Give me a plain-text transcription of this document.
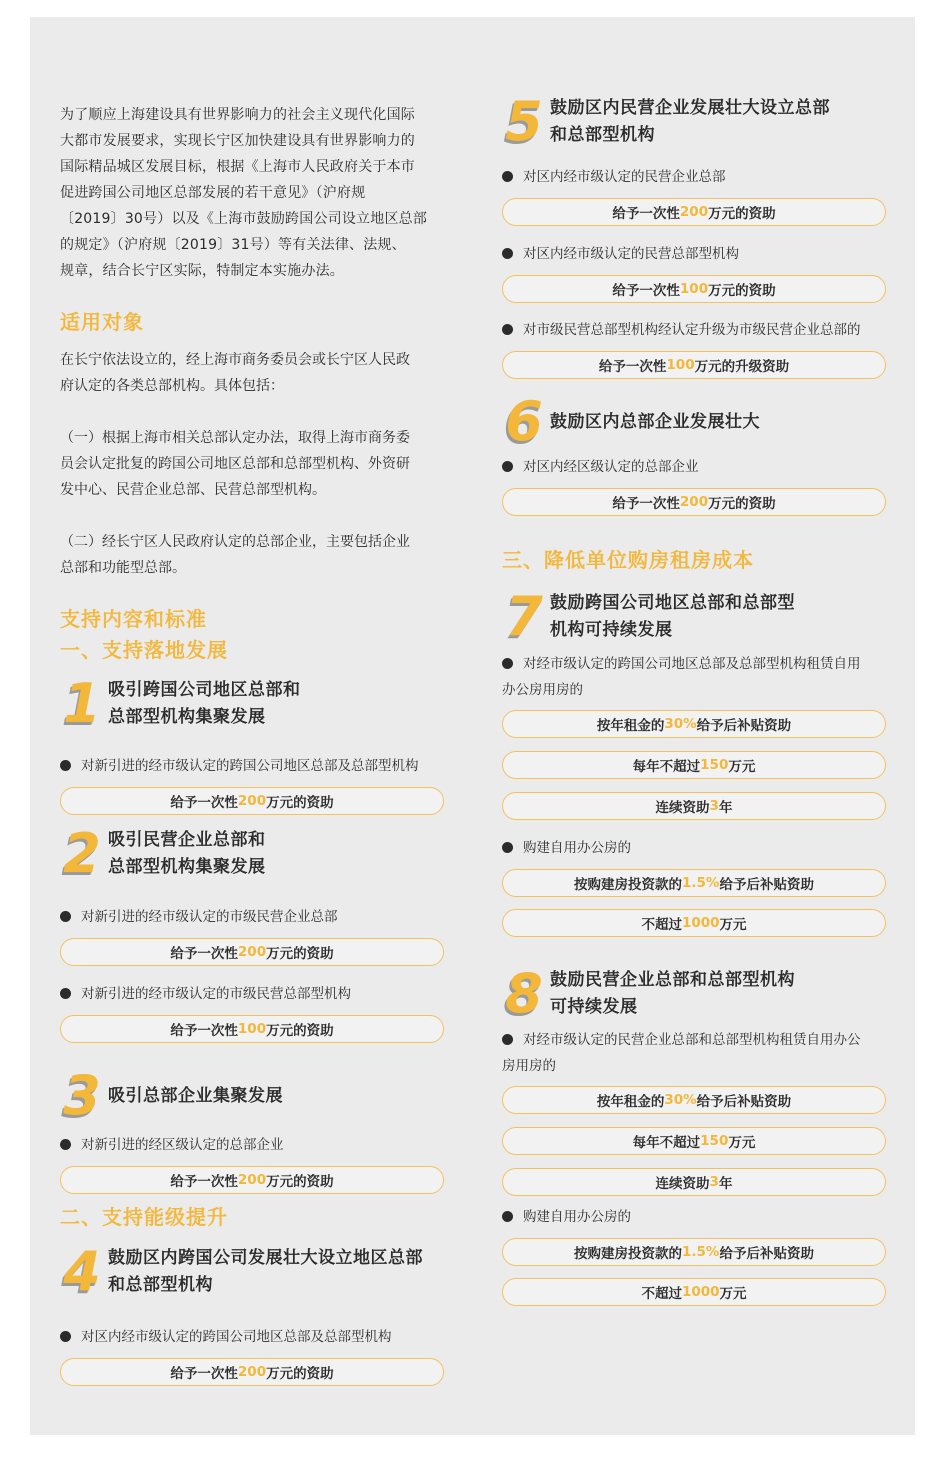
为了顺应上海建设具有世界影响力的社会主义现代化国际

大都市发展要求，实现长宁区加快建设具有世界影响力的

国际精品城区发展目标，根据《上海市人民政府关于本市

促进跨国公司地区总部发展的若干意见》（沪府规

〔2019〕30号）以及《上海市鼓励跨国公司设立地区总部

的规定》（沪府规〔2019〕31号）等有关法律、法规、

规章，结合长宁区实际，特制定本实施办法。

适用对象

在长宁依法设立的，经上海市商务委员会或长宁区人民政

府认定的各类总部机构。具体包括：

（一）根据上海市相关总部认定办法，取得上海市商务委

员会认定批复的跨国公司地区总部和总部型机构、外资研

发中心、民营企业总部、民营总部型机构。

（二）经长宁区人民政府认定的总部企业，主要包括企业

总部和功能型总部。

支持内容和标准
一、支持落地发展
1 吸引跨国公司地区总部和
总部型机构集聚发展

对新引进的经市级认定的跨国公司地区总部及总部型机构

给予一次性 200 万元的资助
2 吸引民营企业总部和
总部型机构集聚发展

对新引进的经市级认定的市级民营企业总部

给予一次性 200 万元的资助

对新引进的经市级认定的市级民营总部型机构

给予一次性 100 万元的资助
3 吸引总部企业集聚发展

对新引进的经区级认定的总部企业

给予一次性 200 万元的资助
二、支持能级提升
4 鼓励区内跨国公司发展壮大设立地区总部
和总部型机构

对区内经市级认定的跨国公司地区总部及总部型机构

给予一次性 200 万元的资助
5 鼓励区内民营企业发展壮大设立总部
和总部型机构

对区内经市级认定的民营企业总部

给予一次性 200 万元的资助

对区内经市级认定的民营总部型机构

给予一次性 100 万元的资助

对市级民营总部型机构经认定升级为市级民营企业总部的

给予一次性 100 万元的升级资助
6 鼓励区内总部企业发展壮大

对区内经区级认定的总部企业

给予一次性 200 万元的资助
三、降低单位购房租房成本
7 鼓励跨国公司地区总部和总部型
机构可持续发展

对经市级认定的跨国公司地区总部及总部型机构租赁自用

办公房用房的

按年租金的 30% 给予后补贴资助
每年不超过 150 万元
连续资助 3 年

购建自用办公房的

按购建房投资款的 1.5% 给予后补贴资助
不超过 1000 万元
8 鼓励民营企业总部和总部型机构
可持续发展

对经市级认定的民营企业总部和总部型机构租赁自用办公

房用房的

按年租金的 30% 给予后补贴资助
每年不超过 150 万元
连续资助 3 年

购建自用办公房的

按购建房投资款的 1.5% 给予后补贴资助
不超过 1000 万元
